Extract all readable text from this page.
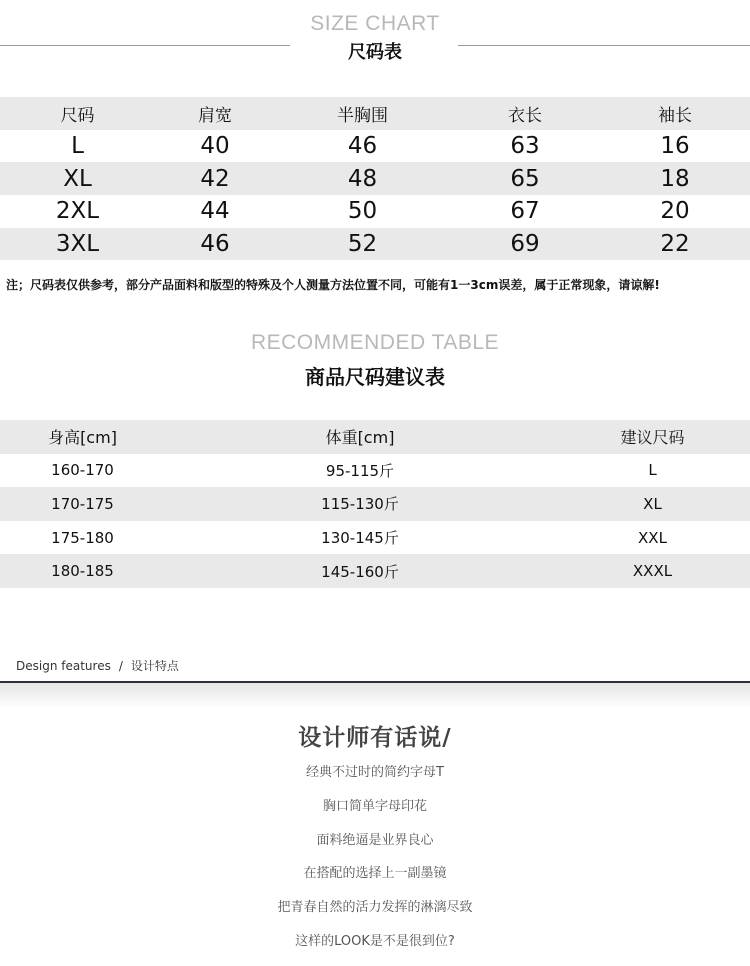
SIZE CHART
尺码表
尺码	肩宽	半胸围	衣长	袖长
L	40	46	63	16
XL	42	48	65	18
2XL	44	50	67	20
3XL	46	52	69	22
注；尺码表仅供参考，部分产品面料和版型的特殊及个人测量方法位置不同，可能有1一3cm误差，属于正常现象，请谅解!
RECOMMENDED TABLE
商品尺码建议表
身高[cm]	体重[cm]	建议尺码
160-170	95-115斤	L
170-175	115-130斤	XL
175-180	130-145斤	XXL
180-185	145-160斤	XXXL
Design features / 设计特点
设计师有话说/
经典不过时的简约字母T
胸口简单字母印花
面料绝逼是业界良心
在搭配的选择上一副墨镜
把青春自然的活力发挥的淋漓尽致
这样的LOOK是不是很到位?
